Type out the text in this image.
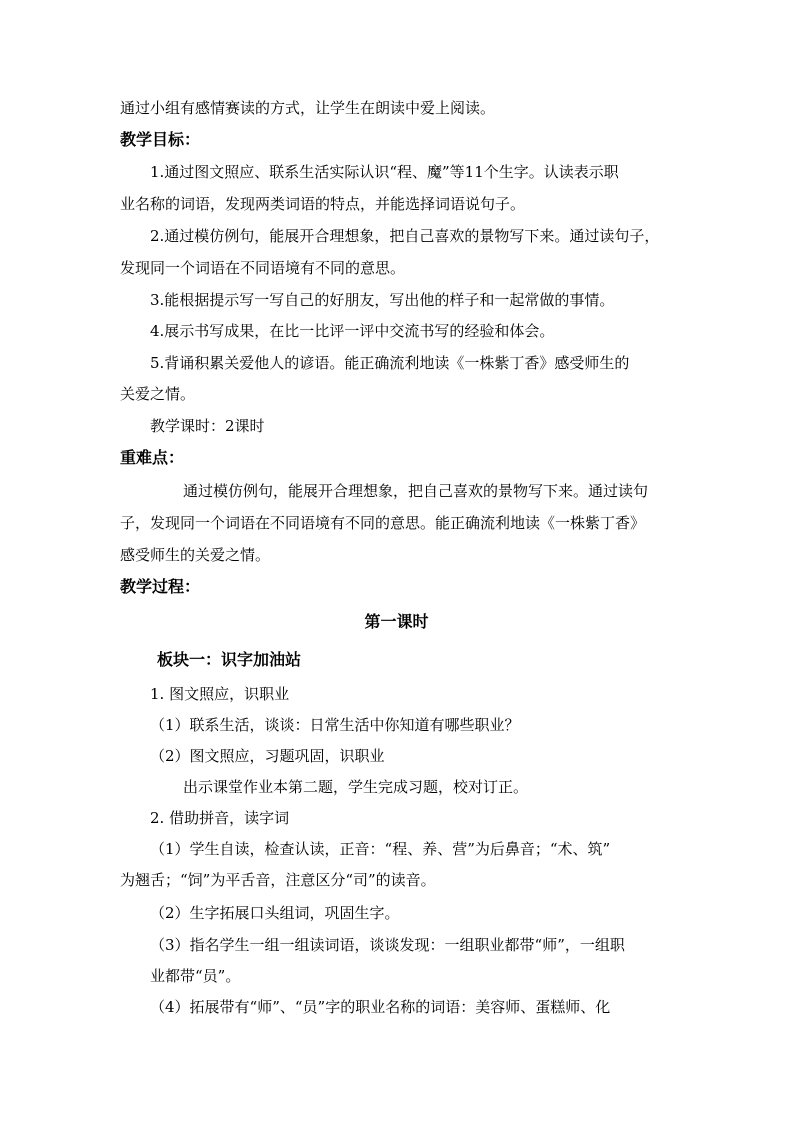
通过小组有感情赛读的方式，让学生在朗读中爱上阅读。
教学目标：
1.通过图文照应、联系生活实际认识“程、魔”等11个生字。认读表示职
业名称的词语，发现两类词语的特点，并能选择词语说句子。
2.通过模仿例句，能展开合理想象，把自己喜欢的景物写下来。通过读句子，
发现同一个词语在不同语境有不同的意思。
3.能根据提示写一写自己的好朋友，写出他的样子和一起常做的事情。
4.展示书写成果，在比一比评一评中交流书写的经验和体会。
5.背诵积累关爱他人的谚语。能正确流利地读《一株紫丁香》感受师生的
关爱之情。
教学课时：2课时
重难点：
通过模仿例句，能展开合理想象，把自己喜欢的景物写下来。通过读句
子，发现同一个词语在不同语境有不同的意思。能正确流利地读《一株紫丁香》
感受师生的关爱之情。
教学过程：
第一课时
板块一：识字加油站
1. 图文照应，识职业
（1）联系生活，谈谈：日常生活中你知道有哪些职业？
（2）图文照应，习题巩固，识职业
出示课堂作业本第二题，学生完成习题，校对订正。
2. 借助拼音，读字词
（1）学生自读，检查认读，正音：“程、养、营”为后鼻音；“术、筑”
为翘舌；“饲”为平舌音，注意区分“司”的读音。
（2）生字拓展口头组词，巩固生字。
（3）指名学生一组一组读词语，谈谈发现：一组职业都带“师”，一组职
业都带“员”。
（4）拓展带有“师”、“员”字的职业名称的词语：美容师、蛋糕师、化
